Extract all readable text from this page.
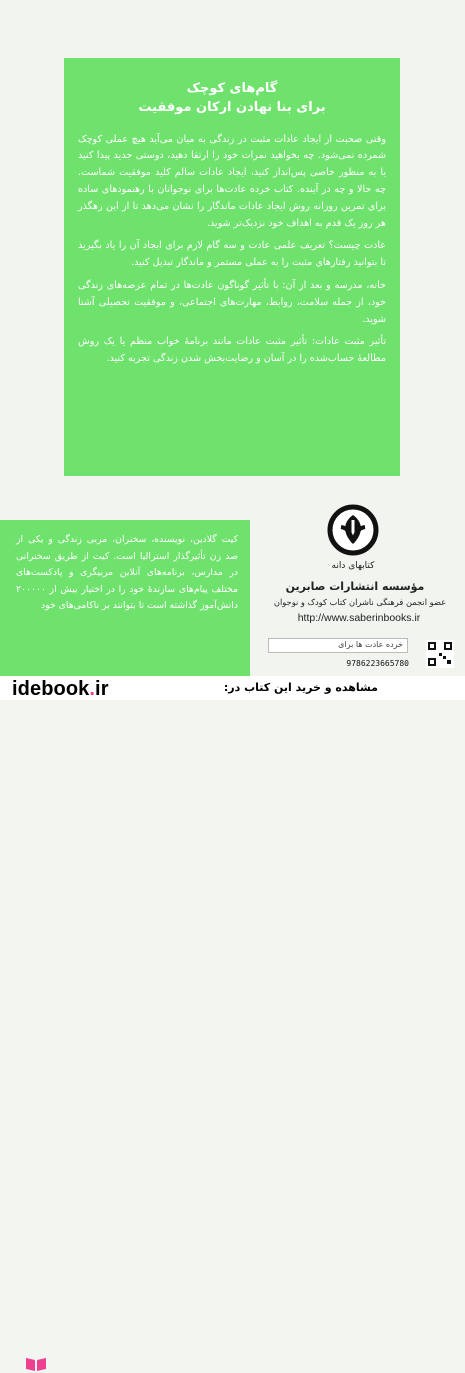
گام‌های کوچک
برای بنا نهادن ارکان موفقیت

وقتی صحبت از ایجاد عادات مثبت در زندگی به میان می‌آید هیچ عملی کوچک شمرده نمی‌شود. چه بخواهید نمرات خود را ارتقا دهید، دوستی جدید پیدا کنید یا به منظور خاصی پس‌انداز کنید، ایجاد عادات سالم کلید موفقیت شماست. چه حالا و چه در آینده. کتاب خرده عادت‌ها برای نوجوانان با رهنمودهای ساده برای تمرین روزانه روش ایجاد عادات ماندگار را نشان می‌دهد تا از این رهگذر هر روز یک قدم به اهداف خود نزدیک‌تر شوید.

عادت چیست؟ تعریف علمی عادت و سه گام لازم برای ایجاد آن را یاد بگیرید تا بتوانید رفتارهای مثبت را به عملی مستمر و ماندگار تبدیل کنید.

خانه، مدرسه و بعد از آن: با تأثیر گوناگون عادت‌ها در تمام عرصه‌های زندگی خود، از جمله سلامت، روابط، مهارت‌های اجتماعی، و موفقیت تحصیلی آشنا شوید.

تأثیر مثبت عادات: تأثیر مثبت عادات مانند برنامهٔ خواب منظم یا یک روش مطالعهٔ حساب‌شده را در آسان و رضایت‌بخش شدن زندگی تجربه کنید.

کیت گلادین، نویسنده، سخنران، مربی زندگی و یکی از صد زن تأثیرگذار استرالیا است. کیت از طریق سخنرانی در مدارس، برنامه‌های آنلاین مربیگری و پادکست‌های مختلف پیام‌های سازندهٔ خود را در اختیار بیش از ۲۰۰۰۰۰ دانش‌آموز گذاشته است تا بتوانند بر ناکامی‌های خود

کتابهای دانه
مؤسسه انتشارات صابرین
عضو انجمن فرهنگی ناشران کتاب کودک و نوجوان
http://www.saberinbooks.ir
خرده عادت ها برای
9786223665780
idebook.ir	مشاهده و خرید این کتاب در:
